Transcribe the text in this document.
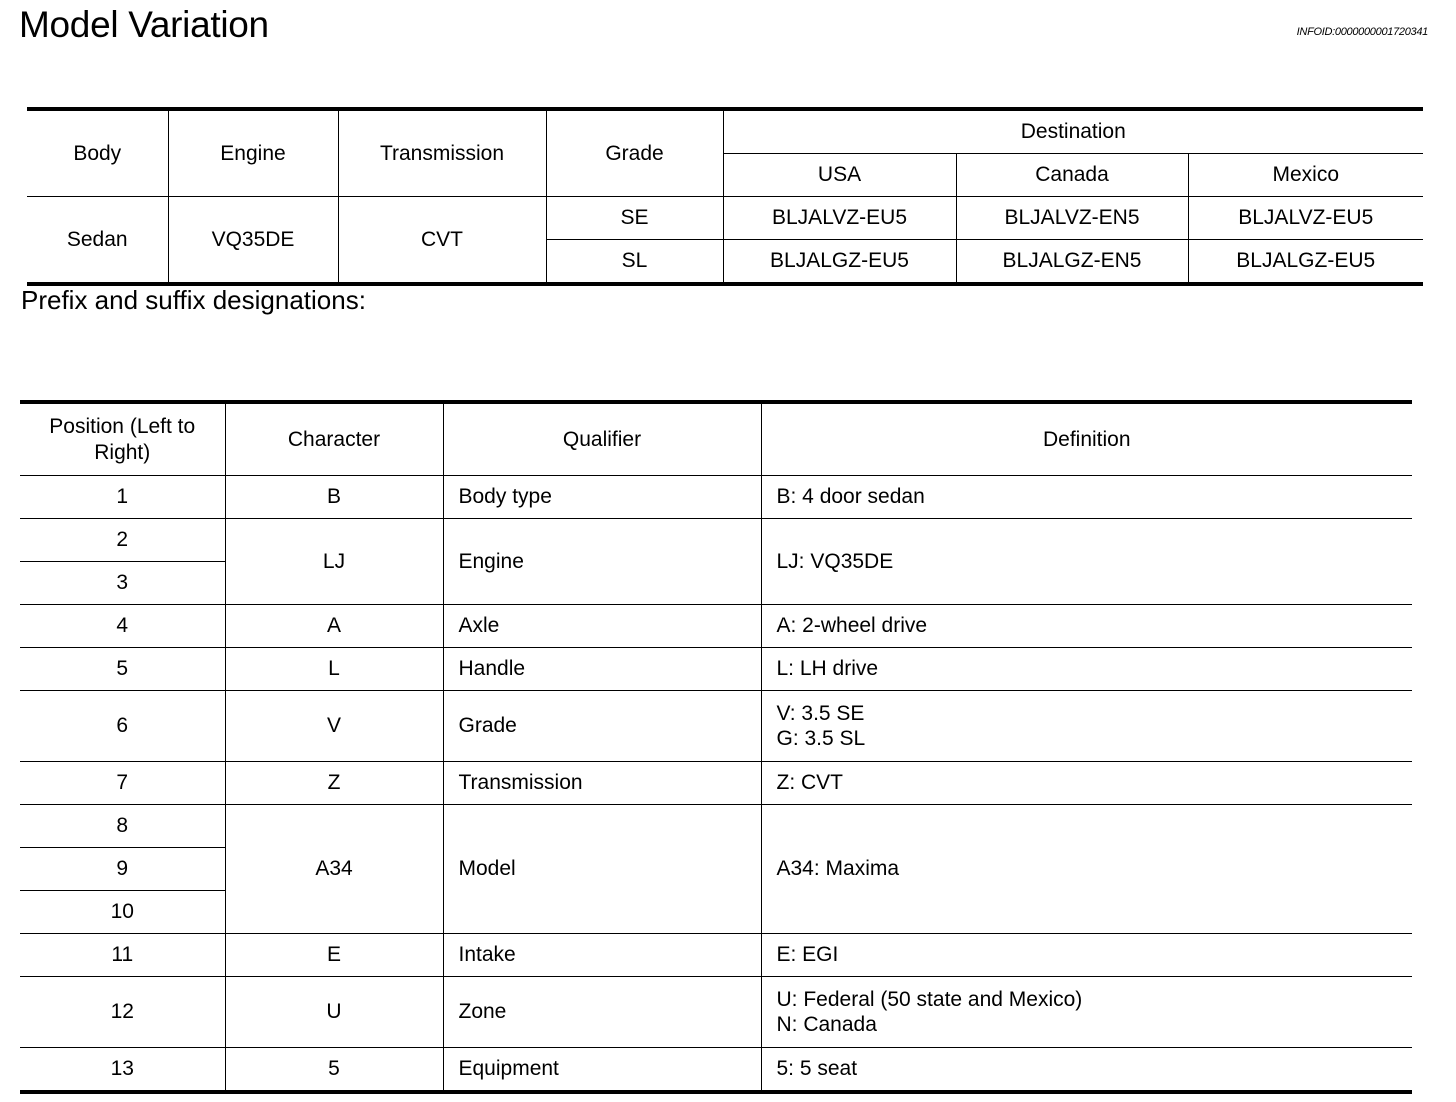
Model Variation	INFOID:0000000001720341
Body	Engine	Transmission	Grade	Destination		
				USA	Canada	Mexico
Sedan	VQ35DE	CVT	SE	BLJALVZ-EU5	BLJALVZ-EN5	BLJALVZ-EU5
			SL	BLJALGZ-EU5	BLJALGZ-EN5	BLJALGZ-EU5
Prefix and suffix designations:
Position (Left to Right)	Character	Qualifier	Definition
1	B	Body type	B: 4 door sedan

2	LJ	Engine	LJ: VQ35DE

3			
4	A	Axle	A: 2-wheel drive

5	L	Handle	L: LH drive

6	V	Grade	V: 3.5 SE
G: 3.5 SL

7	Z	Transmission	Z: CVT

8	A34	Model	A34: Maxima

9			
10			
11	E	Intake	E: EGI

12	U	Zone	U: Federal (50 state and Mexico)
N: Canada

13	5	Equipment	5: 5 seat
